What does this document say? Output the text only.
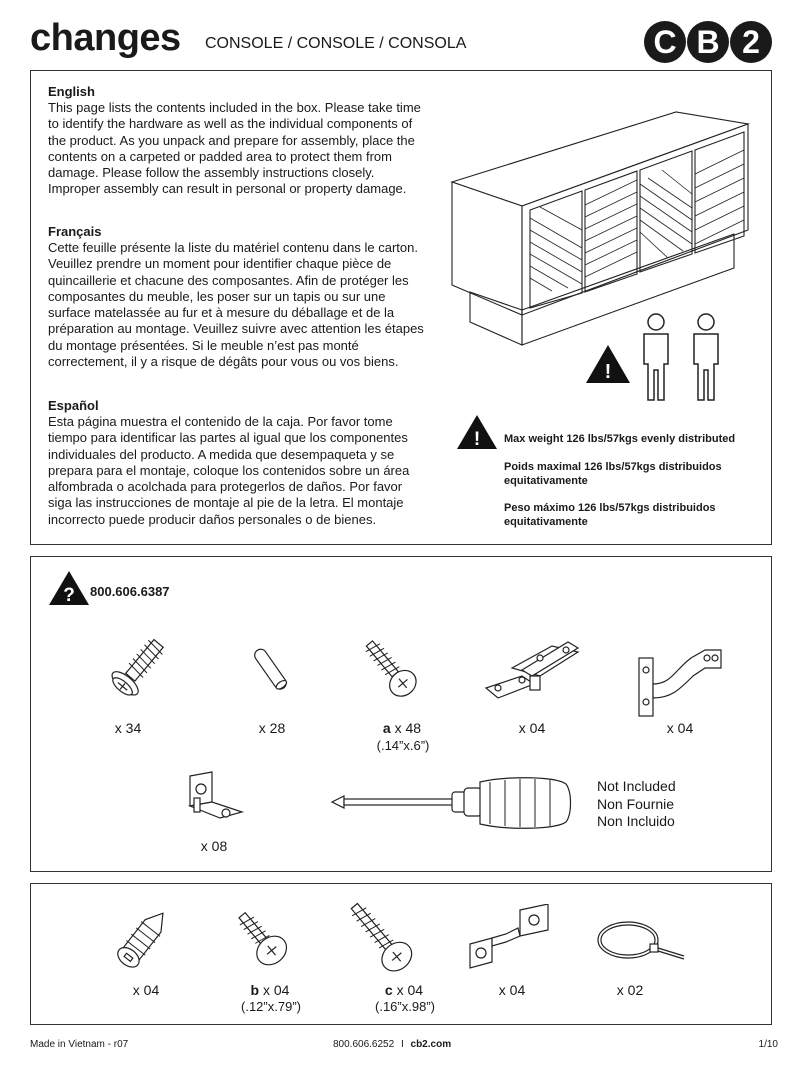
changes CONSOLE / CONSOLE / CONSOLA	C B 2
English

This page lists the contents included in the box. Please take time to identify the hardware as well as the individual components of the product. As you unpack and prepare for assembly, place the contents on a carpeted or padded area to protect them from damage. Please follow the assembly instructions closely. Improper assembly can result in personal or property damage.

Français

Cette feuille présente la liste du matériel contenu dans le carton. Veuillez prendre un moment pour identifier chaque pièce de quincaillerie et chacune des composantes. Afin de protéger les composantes du meuble, les poser sur un tapis ou sur une surface matelassée au fur et à mesure du déballage et de la préparation au montage. Veuillez suivre avec attention les étapes du montage présentées. Si le meuble n’est pas monté correctement, il y a risque de dégâts pour vous ou vos biens.

Español

Esta página muestra el contenido de la caja. Por favor tome tiempo para identificar las partes al igual que los componentes individuales del producto. A medida que desempaqueta y se prepara para el montaje, coloque los contenidos sobre un área alfombrada o acolchada para protegerlos de daños. Por favor siga las instrucciones de montaje al pie de la letra. El montaje incorrecto puede producir daños personales o de bienes.

!
! Max weight 126 lbs/57kgs evenly distributed
Poids maximal 126 lbs/57kgs distribuidos equitativamente
Peso máximo 126 lbs/57kgs distribuidos equitativamente
? 800.606.6387
x 34	x 28	a x 48
(.14”x.6”)
x 04	x 04
x 08
Not Included
Non Fournie
Non Incluido
x 04	b x 04
(.12”x.79”)
c x 04
(.16”x.98”)
x 04	x 02
Made in Vietnam - r07	800.606.6252 I cb2.com	1/10
